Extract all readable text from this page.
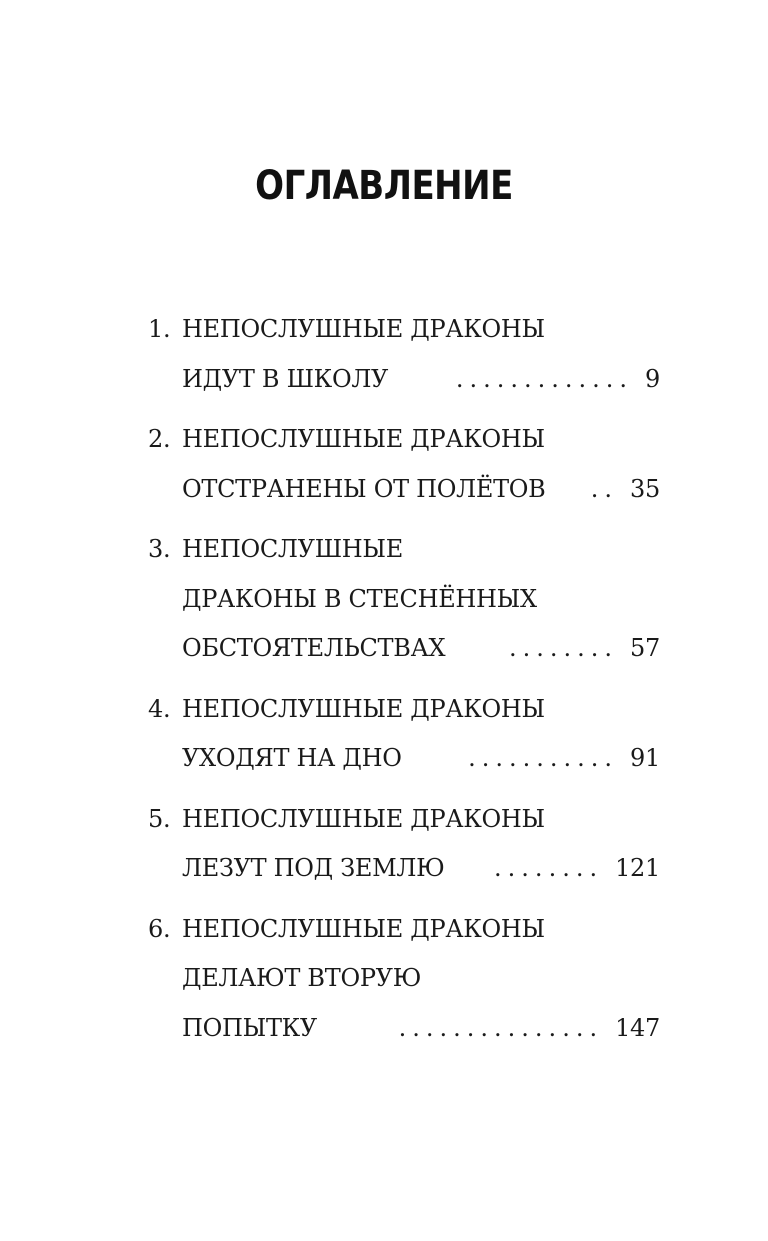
ОГЛАВЛЕНИЕ
1. НЕПОСЛУШНЫЕ ДРАКОНЫ
ИДУТ В ШКОЛУ	............. 9
2. НЕПОСЛУШНЫЕ ДРАКОНЫ
ОТСТРАНЕНЫ ОТ ПОЛЁТОВ	.. 35
3. НЕПОСЛУШНЫЕ
ДРАКОНЫ В СТЕСНЁННЫХ
ОБСТОЯТЕЛЬСТВАХ	........ 57
4. НЕПОСЛУШНЫЕ ДРАКОНЫ
УХОДЯТ НА ДНО	........... 91
5. НЕПОСЛУШНЫЕ ДРАКОНЫ
ЛЕЗУТ ПОД ЗЕМЛЮ	........ 121
6. НЕПОСЛУШНЫЕ ДРАКОНЫ
ДЕЛАЮТ ВТОРУЮ
ПОПЫТКУ	............... 147
